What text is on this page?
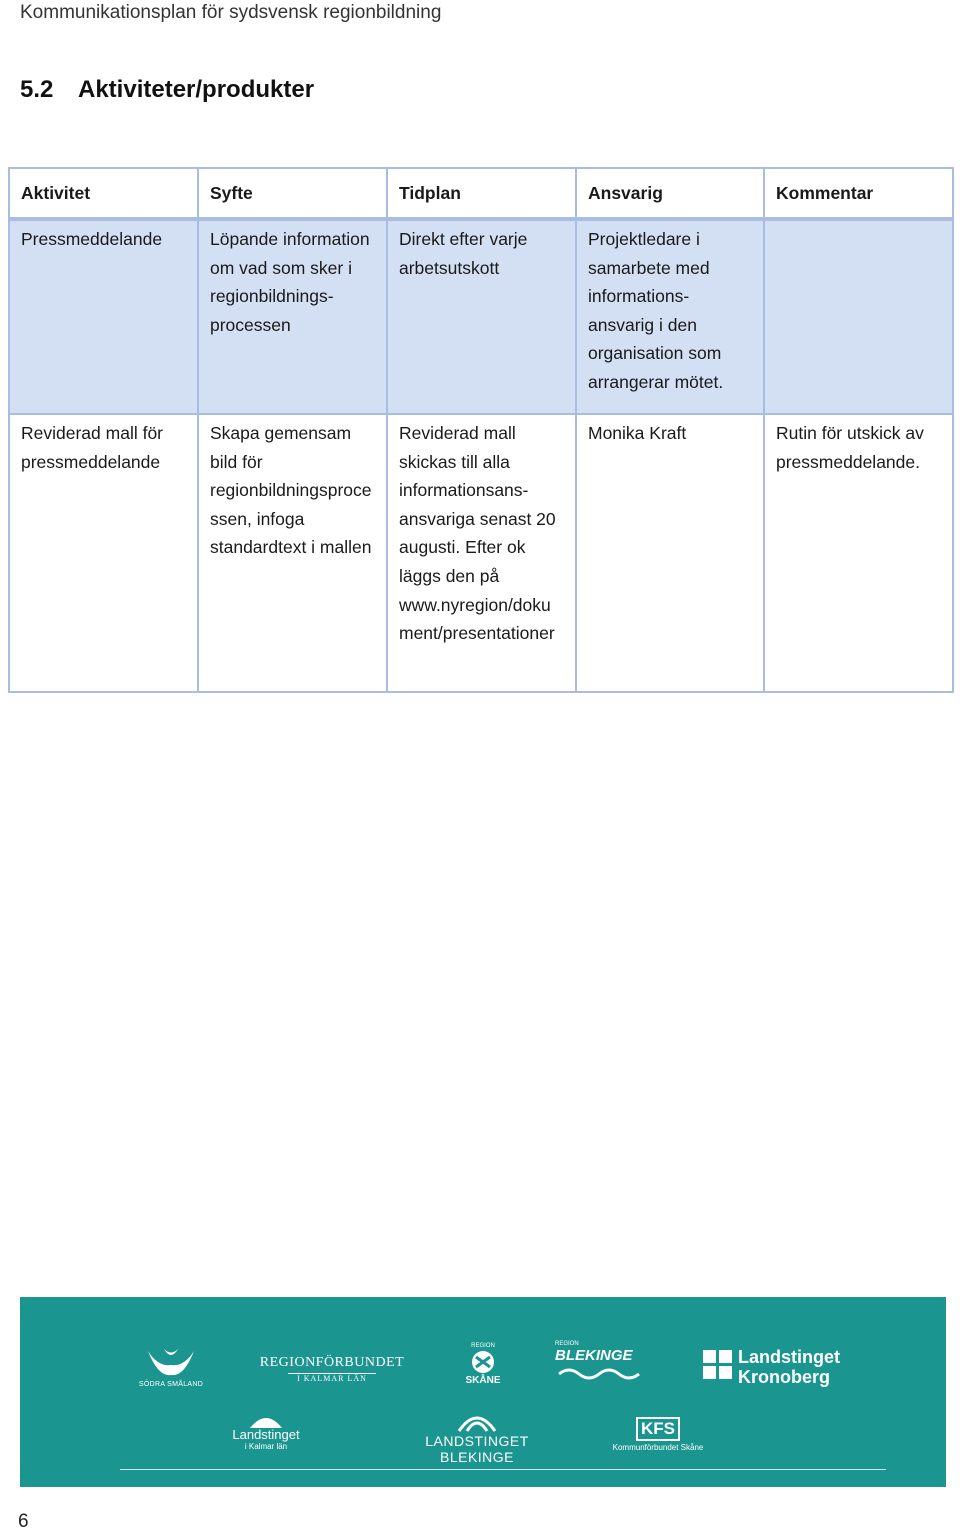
Kommunikationsplan för sydsvensk regionbildning
5.2 Aktiviteter/produkter
Aktivitet	Syfte	Tidplan	Ansvarig	Kommentar
Pressmeddelande	Löpande information om vad som sker i regionbildnings-processen	Direkt efter varje arbetsutskott	Projektledare i samarbete med informations-ansvarig i den organisation som arrangerar mötet.	
Reviderad mall för pressmeddelande	Skapa gemensam bild för regionbildningsprocessen, infoga standardtext i mallen	Reviderad mall skickas till alla informationsans-ansvariga senast 20 augusti. Efter ok läggs den på www.nyregion/dokument/presentationer	Monika Kraft	Rutin för utskick av pressmeddelande.
SÖDRA SMÅLAND
REGIONFÖRBUNDET
I KALMAR LÄN
REGION
SKÅNE
REGION
BLEKINGE	Landstinget
Kronoberg
Landstinget
i Kalmar län	LANDSTINGET BLEKINGE
KFS
Kommunförbundet Skåne
6
